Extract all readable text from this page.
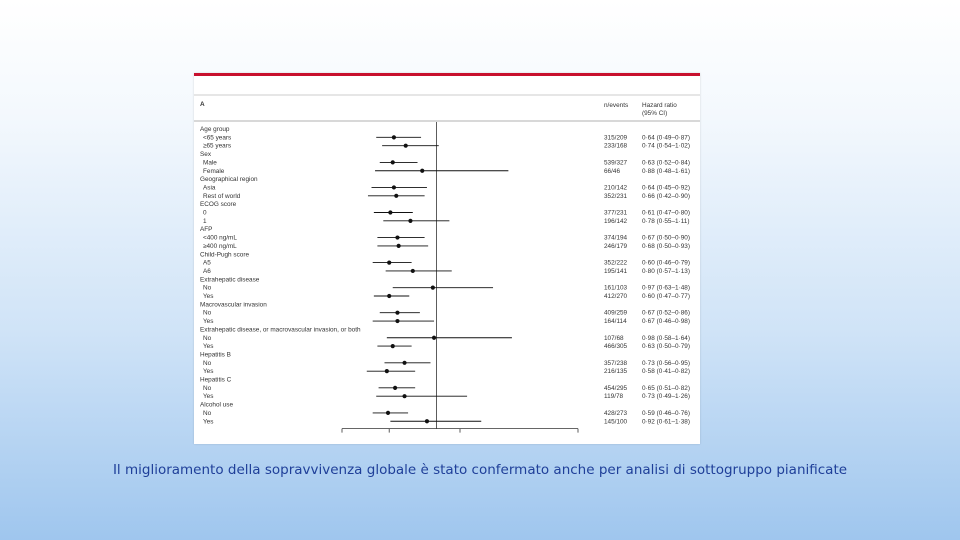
A	n/events Hazard ratio
(95% CI)
Age group
<65 years	315/209 0·64 (0·49–0·87)
≥65 years	233/168 0·74 (0·54–1·02)
Sex
Male	539/327 0·63 (0·52–0·84)
Female	66/46	0·88 (0·48–1·61)
Geographical region
Asia	210/142 0·64 (0·45–0·92)
Rest of world	352/231 0·66 (0·42–0·90)
ECOG score
0	377/231 0·61 (0·47–0·80)
1	196/142 0·78 (0·55–1·11)
AFP
<400 ng/mL	374/194 0·67 (0·50–0·90)
≥400 ng/mL	246/179 0·68 (0·50–0·93)
Child-Pugh score
A5	352/222 0·60 (0·46–0·79)
A6	195/141 0·80 (0·57–1·13)
Extrahepatic disease
No	161/103 0·97 (0·63–1·48)
Yes	412/270 0·60 (0·47–0·77)
Macrovascular invasion
No	409/259 0·67 (0·52–0·86)
Yes	164/114 0·67 (0·46–0·98)
Extrahepatic disease, or macrovascular invasion, or both
No	107/68	0·98 (0·58–1·64)
Yes	466/305 0·63 (0·50–0·79)
Hepatitis B
No	357/238 0·73 (0·56–0·95)
Yes	216/135 0·58 (0·41–0·82)
Hepatitis C
No	454/295 0·65 (0·51–0·82)
Yes	119/78	0·73 (0·49–1·26)
Alcohol use
No	428/273 0·59 (0·46–0·76)
Yes	145/100 0·92 (0·61–1·38)
Il miglioramento della sopravvivenza globale è stato confermato anche per analisi di sottogruppo pianificate
